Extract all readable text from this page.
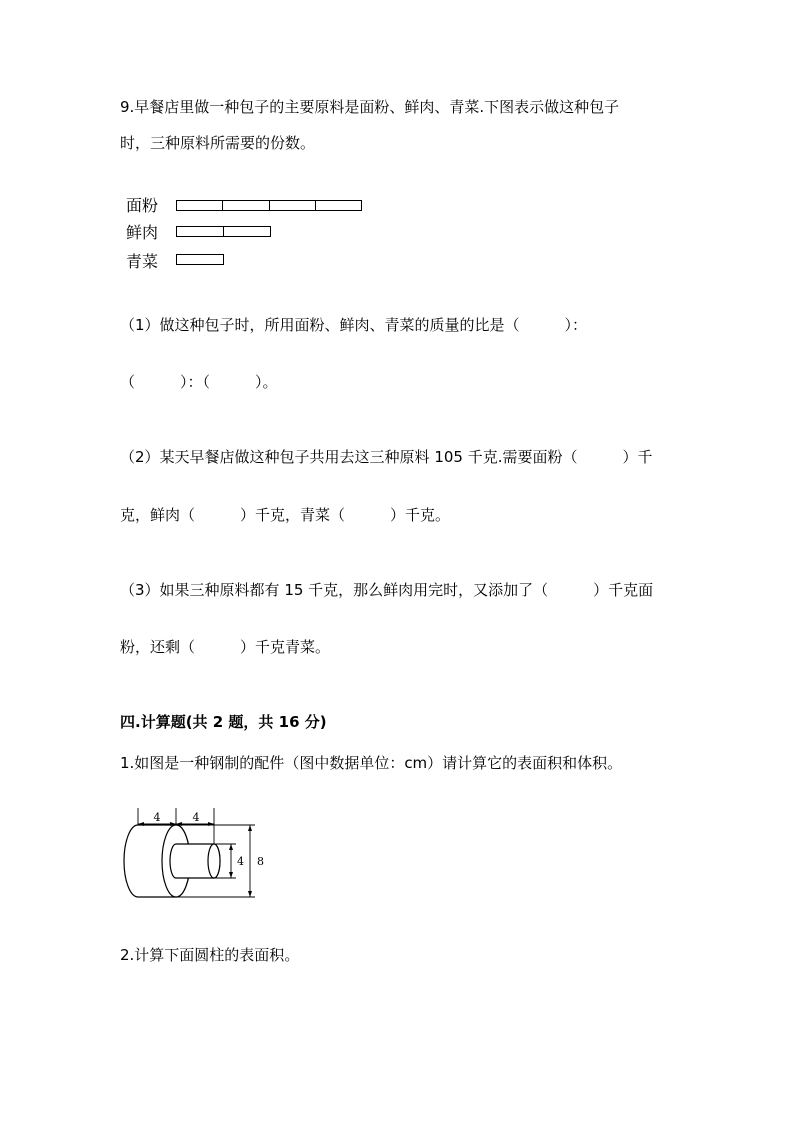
9.早餐店里做一种包子的主要原料是面粉、鲜肉、青菜.下图表示做这种包子
时，三种原料所需要的份数。
面粉
鲜肉
青菜
（1）做这种包子时，所用面粉、鲜肉、青菜的质量的比是（　　　）：
（　　　）：（　　　）。
（2）某天早餐店做这种包子共用去这三种原料 105 千克.需要面粉（　　　）千
克，鲜肉（　　　）千克，青菜（　　　）千克。
（3）如果三种原料都有 15 千克，那么鲜肉用完时，又添加了（　　　）千克面
粉，还剩（　　　）千克青菜。
四.计算题(共 2 题，共 16 分)
1.如图是一种钢制的配件（图中数据单位：cm）请计算它的表面积和体积。
4	4
4 8
2.计算下面圆柱的表面积。
